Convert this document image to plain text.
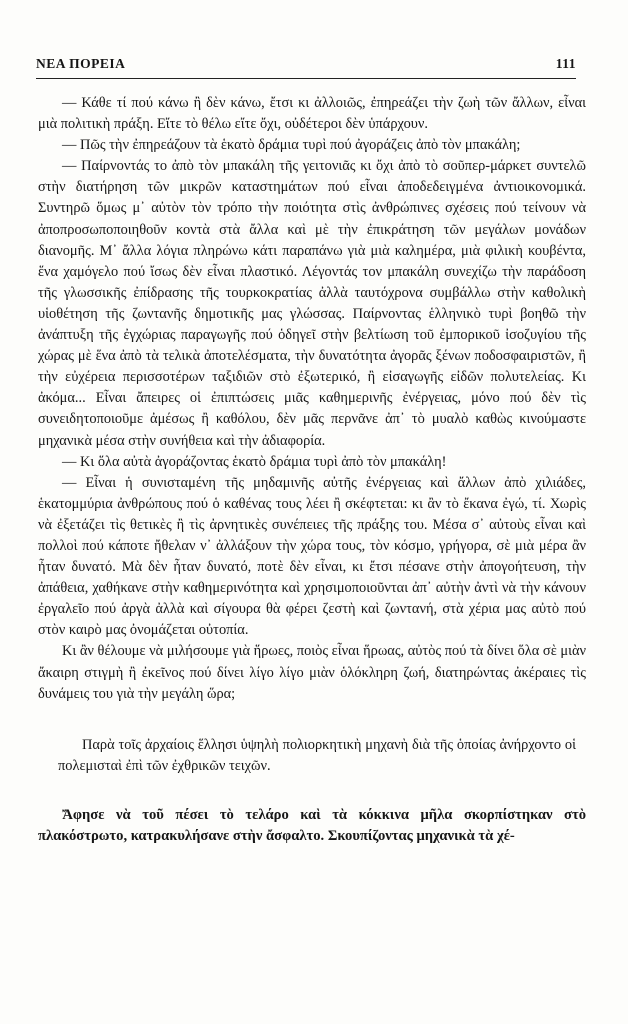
ΝΕΑ ΠΟΡΕΙΑ	111

— Κάθε τί πού κάνω ἢ δὲν κάνω, ἔτσι κι ἀλλοιῶς, ἐπηρεάζει τὴν ζωὴ τῶν ἄλλων, εἶναι μιὰ πολιτικὴ πράξη. Εἴτε τὸ θέλω εἴτε ὄχι, οὐδέτεροι δὲν ὑπάρχουν.

— Πῶς τὴν ἐπηρεάζουν τὰ ἑκατὸ δράμια τυρὶ πού ἀγοράζεις ἀπὸ τὸν μπακάλη;

— Παίρνοντάς το ἀπὸ τὸν μπακάλη τῆς γειτονιᾶς κι ὄχι ἀπὸ τὸ σοῦπερ-μάρκετ συντελῶ στὴν διατήρηση τῶν μικρῶν καταστημάτων πού εἶναι ἀποδεδειγμένα ἀντιοικονομικά. Συντηρῶ ὅμως μ᾿ αὐτὸν τὸν τρόπο τὴν ποιότητα στὶς ἀνθρώπινες σχέσεις πού τείνουν νὰ ἀποπροσωποποιηθοῦν κοντὰ στὰ ἄλλα καὶ μὲ τὴν ἐπικράτηση τῶν μεγάλων μονάδων διανομῆς. Μ᾿ ἄλλα λόγια πληρώνω κάτι παραπάνω γιὰ μιὰ καλημέρα, μιὰ φιλικὴ κουβέντα, ἕνα χαμόγελο πού ἴσως δὲν εἶναι πλαστικό. Λέγοντάς τον μπακάλη συνεχίζω τὴν παράδοση τῆς γλωσσικῆς ἐπίδρασης τῆς τουρκοκρατίας ἀλλὰ ταυτόχρονα συμβάλλω στὴν καθολικὴ υἱοθέτηση τῆς ζωντανῆς δημοτικῆς μας γλώσσας. Παίρνοντας ἑλληνικὸ τυρὶ βοηθῶ τὴν ἀνάπτυξη τῆς ἐγχώριας παραγωγῆς πού ὁδηγεῖ στὴν βελτίωση τοῦ ἐμπορικοῦ ἰσοζυγίου τῆς χώρας μὲ ἕνα ἀπὸ τὰ τελικὰ ἀποτελέσματα, τὴν δυνατότητα ἀγορᾶς ξένων ποδοσφαιριστῶν, ἢ τὴν εὐχέρεια περισσοτέρων ταξιδιῶν στὸ ἐξωτερικό, ἢ εἰσαγωγῆς εἰδῶν πολυτελείας. Κι ἀκόμα... Εἶναι ἄπειρες οἱ ἐπιπτώσεις μιᾶς καθημερινῆς ἐνέργειας, μόνο πού δὲν τὶς συνειδητοποιοῦμε ἀμέσως ἢ καθόλου, δὲν μᾶς περνᾶνε ἀπ᾿ τὸ μυαλὸ καθὼς κινούμαστε μηχανικὰ μέσα στὴν συνήθεια καὶ τὴν ἀδιαφορία.

— Κι ὅλα αὐτὰ ἀγοράζοντας ἑκατὸ δράμια τυρὶ ἀπὸ τὸν μπακάλη!

— Εἶναι ἡ συνισταμένη τῆς μηδαμινῆς αὐτῆς ἐνέργειας καὶ ἄλλων ἀπὸ χιλιάδες, ἑκατομμύρια ἀνθρώπους πού ὁ καθένας τους λέει ἢ σκέφτεται: κι ἂν τὸ ἔκανα ἐγώ, τί. Χωρὶς νὰ ἐξετάζει τὶς θετικὲς ἢ τὶς ἀρνητικὲς συνέπειες τῆς πράξης του. Μέσα σ᾿ αὐτοὺς εἶναι καὶ πολλοὶ πού κάποτε ἤθελαν ν᾿ ἀλλάξουν τὴν χώρα τους, τὸν κόσμο, γρήγορα, σὲ μιὰ μέρα ἂν ἦταν δυνατό. Μὰ δὲν ἦταν δυνατό, ποτὲ δὲν εἶναι, κι ἔτσι πέσανε στὴν ἀπογοήτευση, τὴν ἀπάθεια, χαθήκανε στὴν καθημερινότητα καὶ χρησιμοποιοῦνται ἀπ᾿ αὐτὴν ἀντὶ νὰ τὴν κάνουν ἐργαλεῖο πού ἀργὰ ἀλλὰ καὶ σίγουρα θὰ φέρει ζεστὴ καὶ ζωντανή, στὰ χέρια μας αὐτὸ πού στὸν καιρὸ μας ὀνομάζεται οὐτοπία.

Κι ἂν θέλουμε νὰ μιλήσουμε γιὰ ἥρωες, ποιὸς εἶναι ἥρωας, αὐτὸς πού τὰ δίνει ὅλα σὲ μιὰν ἄκαιρη στιγμὴ ἢ ἐκεῖνος πού δίνει λίγο λίγο μιὰν ὁλόκληρη ζωή, διατηρώντας ἀκέραιες τὶς δυνάμεις του γιὰ τὴν μεγάλη ὥρα;

Παρὰ τοῖς ἀρχαίοις ἕλλησι ὑψηλὴ πολιορκητικὴ μηχανὴ διὰ τῆς ὁποίας ἀνήρχοντο οἱ πολεμισταὶ ἐπὶ τῶν ἐχθρικῶν τειχῶν.

Ἄφησε νὰ τοῦ πέσει τὸ τελάρο καὶ τὰ κόκκινα μῆλα σκορπίστηκαν στὸ πλακόστρωτο, κατρακυλήσανε στὴν ἄσφαλτο. Σκουπίζοντας μηχανικὰ τὰ χέ-
